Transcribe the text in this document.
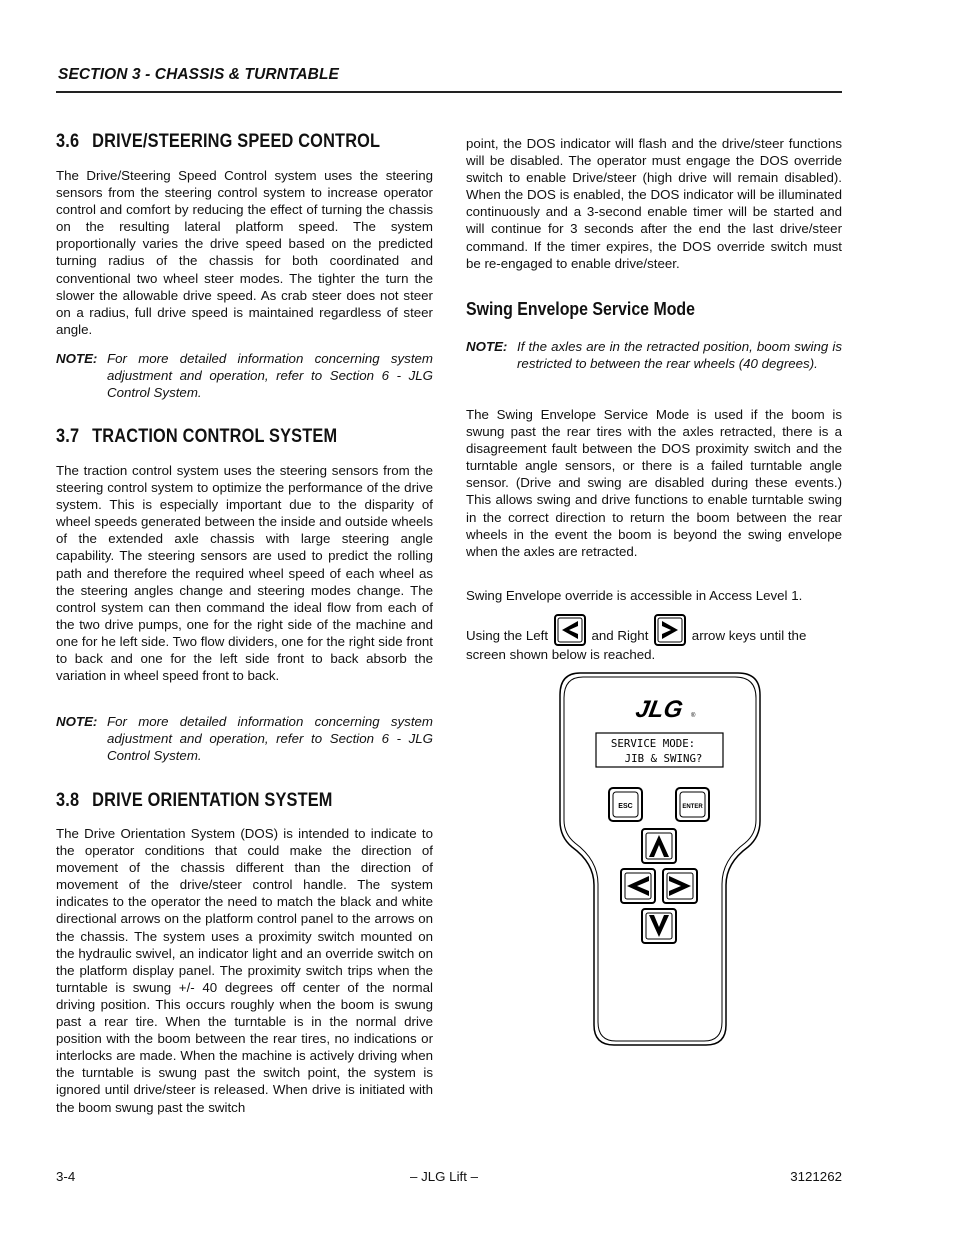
SECTION 3 - CHASSIS & TURNTABLE
3.6 DRIVE/STEERING SPEED CONTROL

The Drive/Steering Speed Control system uses the steering sensors from the steering control system to increase operator control and comfort by reducing the effect of turning the chassis on the resulting lateral platform speed. The system proportionally varies the drive speed based on the predicted turning radius of the chassis for both coordinated and conventional two wheel steer modes. The tighter the turn the slower the allowable drive speed. As crab steer does not steer on a radius, full drive speed is maintained regardless of steer angle.

NOTE: For more detailed information concerning system adjustment and operation, refer to Section 6 - JLG Control System.
3.7 TRACTION CONTROL SYSTEM

The traction control system uses the steering sensors from the steering control system to optimize the performance of the drive system. This is especially important due to the disparity of wheel speeds generated between the inside and outside wheels of the extended axle chassis with large steering angle capability. The steering sensors are used to predict the rolling path and therefore the required wheel speed of each wheel as the steering angles change and steering modes change. The control system can then command the ideal flow from each of the two drive pumps, one for the right side of the machine and one for he left side. Two flow dividers, one for the right side front to back and one for the left side front to back absorb the variation in wheel speed front to back.

NOTE: For more detailed information concerning system adjustment and operation, refer to Section 6 - JLG Control System.
3.8 DRIVE ORIENTATION SYSTEM

The Drive Orientation System (DOS) is intended to indicate to the operator conditions that could make the direction of movement of the chassis different than the direction of movement of the drive/steer control handle. The system indicates to the operator the need to match the black and white directional arrows on the platform control panel to the arrows on the chassis. The system uses a proximity switch mounted on the hydraulic swivel, an indicator light and an override switch on the platform display panel. The proximity switch trips when the turntable is swung +/- 40 degrees off center of the normal driving position. This occurs roughly when the boom is swung past a rear tire. When the turntable is in the normal drive position with the boom between the rear tires, no indications or interlocks are made. When the machine is actively driving when the turntable is swung past the switch point, the system is ignored until drive/steer is released. When drive is initiated with the boom swung past the switch

point, the DOS indicator will flash and the drive/steer functions will be disabled. The operator must engage the DOS override switch to enable Drive/steer (high drive will remain disabled). When the DOS is enabled, the DOS indicator will be illuminated continuously and a 3-second enable timer will be started and will continue for 3 seconds after the end the last drive/steer command. If the timer expires, the DOS override switch must be re-engaged to enable drive/steer.

Swing Envelope Service Mode
NOTE: If the axles are in the retracted position, boom swing is restricted to between the rear wheels (40 degrees).

The Swing Envelope Service Mode is used if the boom is swung past the rear tires with the axles retracted, there is a disagreement fault between the DOS proximity switch and the turntable angle sensors, or there is a failed turntable angle sensor. (Drive and swing are disabled during these events.) This allows swing and drive functions to enable turntable swing in the correct direction to return the boom between the rear wheels in the event the boom is beyond the swing envelope when the axles are retracted.

Swing Envelope override is accessible in Access Level 1.

Using the Left	and Right	arrow keys until the
screen shown below is reached.

JLG ®
SERVICE MODE:
JIB & SWING?
ESC	ENTER
3-4	– JLG Lift –	3121262
